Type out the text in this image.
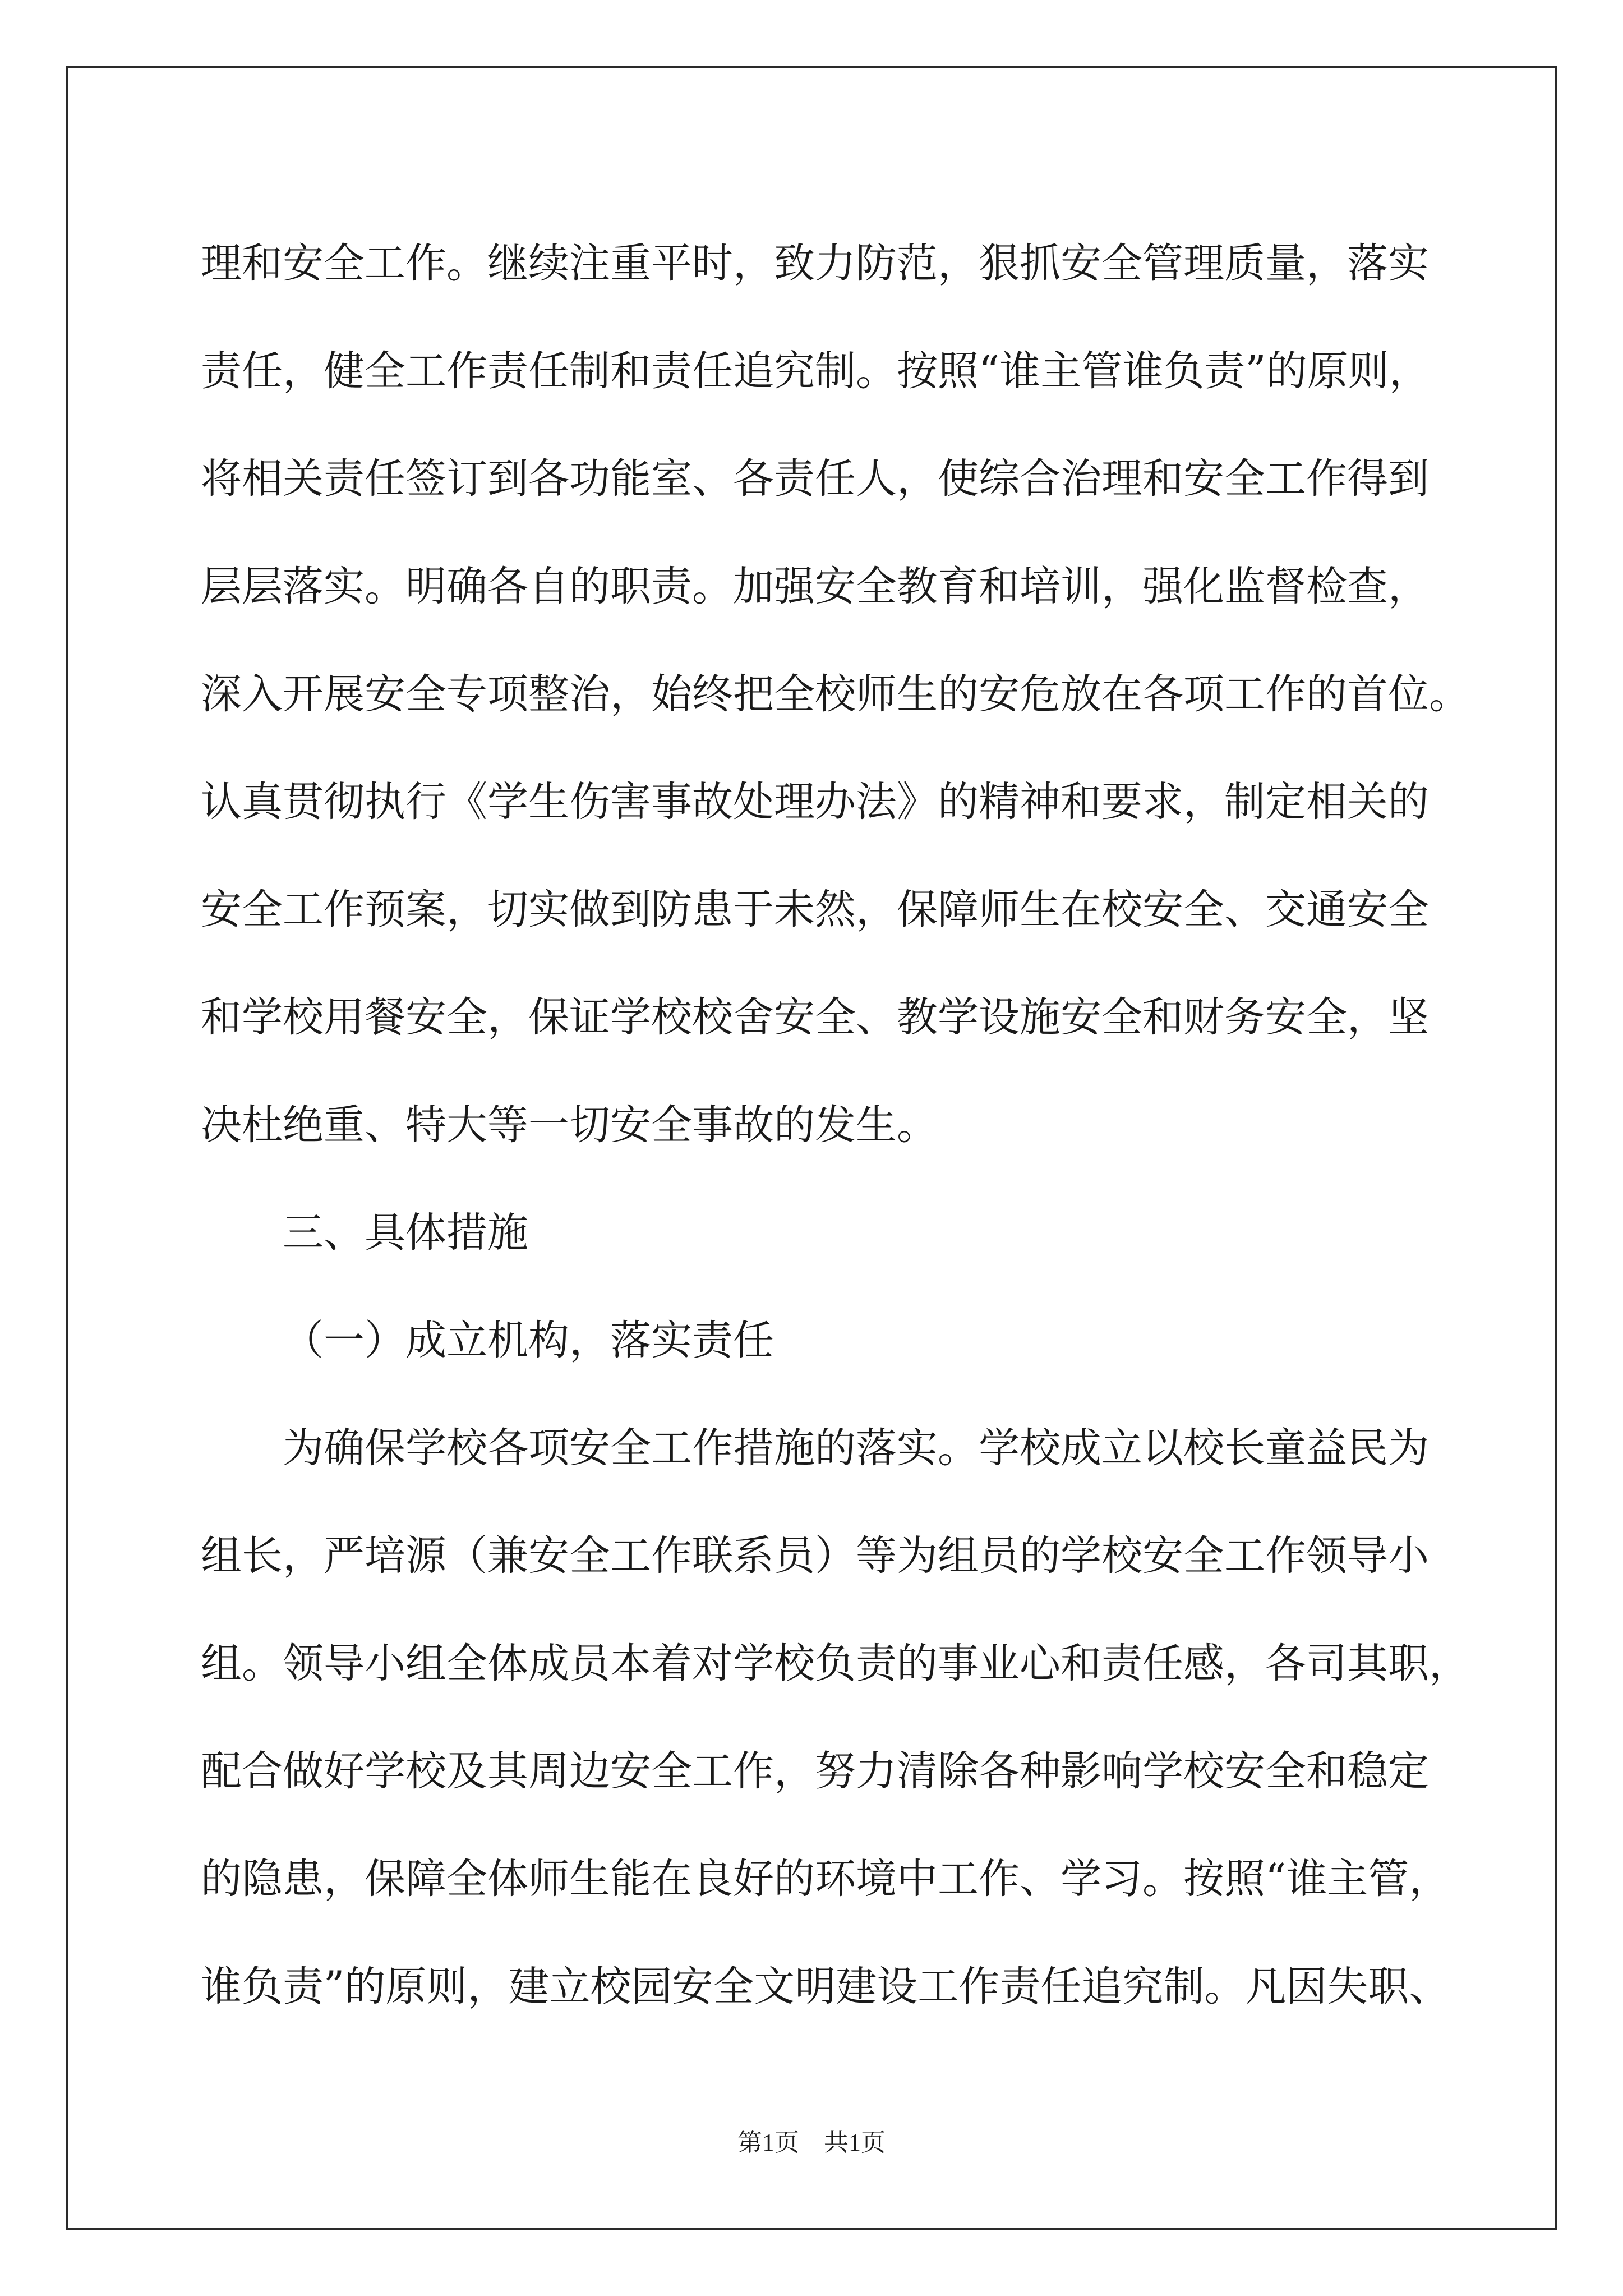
理和安全工作。继续注重平时，致力防范，狠抓安全管理质量，落实

责任，健全工作责任制和责任追究制。按照“谁主管谁负责”的原则，

将相关责任签订到各功能室、各责任人，使综合治理和安全工作得到

层层落实。明确各自的职责。加强安全教育和培训，强化监督检查，

深入开展安全专项整治，始终把全校师生的安危放在各项工作的首位。

认真贯彻执行《学生伤害事故处理办法》的精神和要求，制定相关的

安全工作预案，切实做到防患于未然，保障师生在校安全、交通安全

和学校用餐安全，保证学校校舍安全、教学设施安全和财务安全，坚

决杜绝重、特大等一切安全事故的发生。

三、具体措施

（一）成立机构，落实责任

为确保学校各项安全工作措施的落实。学校成立以校长童益民为

组长，严培源（兼安全工作联系员）等为组员的学校安全工作领导小

组。领导小组全体成员本着对学校负责的事业心和责任感，各司其职，

配合做好学校及其周边安全工作，努力清除各种影响学校安全和稳定

的隐患，保障全体师生能在良好的环境中工作、学习。按照“谁主管，

谁负责”的原则，建立校园安全文明建设工作责任追究制。凡因失职、

第1页　共1页
